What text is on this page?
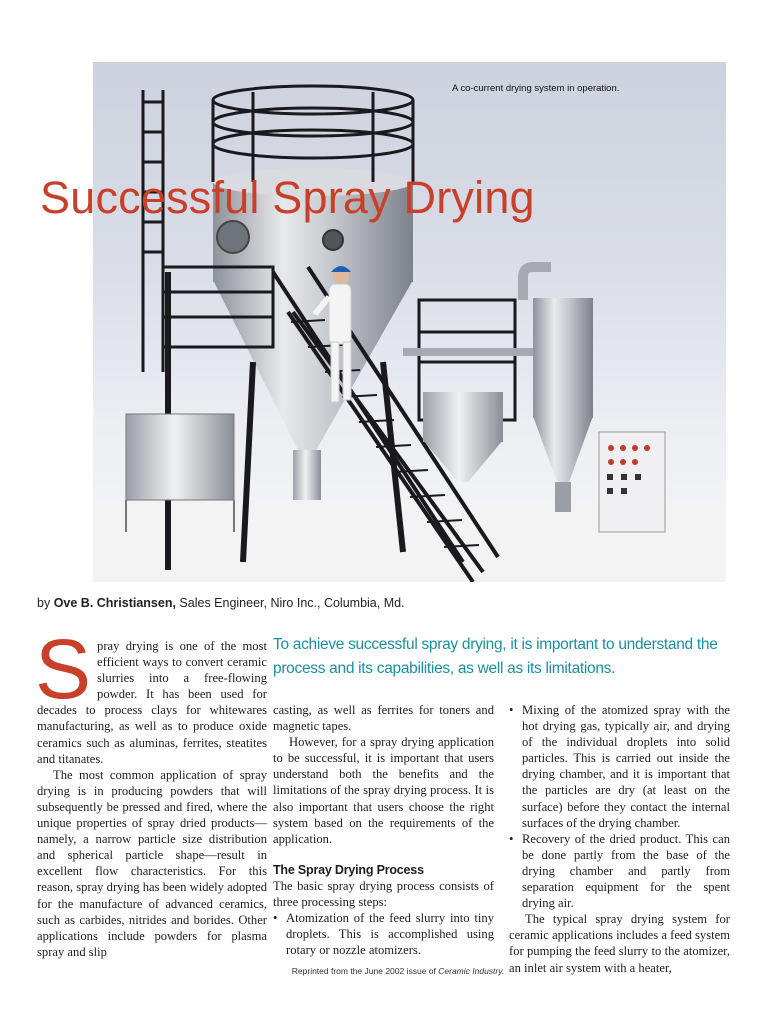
A co-current drying system in operation.
Successful Spray Drying
by Ove B. Christiansen, Sales Engineer, Niro Inc., Columbia, Md.
To achieve successful spray drying, it is important to understand the process and its capabilities, as well as its limitations.

Spray drying is one of the most efficient ways to convert ceramic slurries into a free-flowing powder. It has been used for decades to process clays for whitewares manufacturing, as well as to produce oxide ceramics such as aluminas, ferrites, steatites and titanates.

The most common application of spray drying is in producing powders that will subsequently be pressed and fired, where the unique properties of spray dried products—namely, a narrow particle size distribution and spherical particle shape—result in excellent flow characteristics. For this reason, spray drying has been widely adopted for the manufacture of advanced ceramics, such as carbides, nitrides and borides. Other applications include powders for plasma spray and slip

casting, as well as ferrites for toners and magnetic tapes.

However, for a spray drying application to be successful, it is important that users understand both the benefits and the limitations of the spray drying process. It is also important that users choose the right system based on the requirements of the application.

The Spray Drying Process

The basic spray drying process consists of three processing steps:

• Atomization of the feed slurry into tiny droplets. This is accomplished using rotary or nozzle atomizers.
• Mixing of the atomized spray with the hot drying gas, typically air, and drying of the individual droplets into solid particles. This is carried out inside the drying chamber, and it is important that the particles are dry (at least on the surface) before they contact the internal surfaces of the drying chamber.
• Recovery of the dried product. This can be done partly from the base of the drying chamber and partly from separation equipment for the spent drying air.

The typical spray drying system for ceramic applications includes a feed system for pumping the feed slurry to the atomizer, an inlet air system with a heater,

Reprinted from the June 2002 issue of Ceramic Industry.
